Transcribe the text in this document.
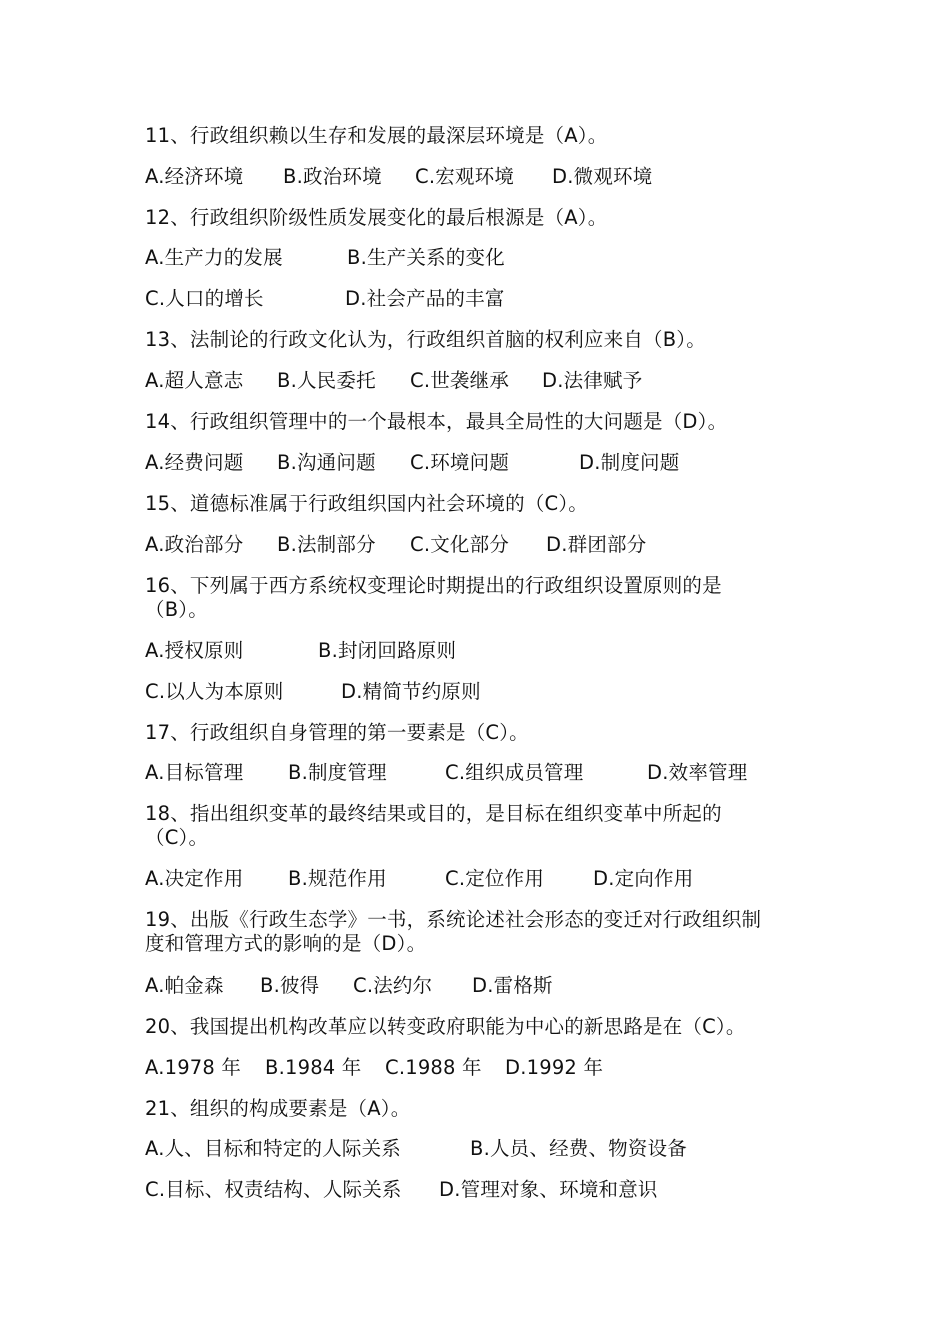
11、行政组织赖以生存和发展的最深层环境是（A）。
A.经济环境 B.政治环境 C.宏观环境 D.微观环境
12、行政组织阶级性质发展变化的最后根源是（A）。
A.生产力的发展	B.生产关系的变化
C.人口的增长	D.社会产品的丰富
13、法制论的行政文化认为，行政组织首脑的权利应来自（B）。
A.超人意志 B.人民委托 C.世袭继承 D.法律赋予
14、行政组织管理中的一个最根本，最具全局性的大问题是（D）。
A.经费问题 B.沟通问题 C.环境问题	D.制度问题
15、道德标准属于行政组织国内社会环境的（C）。
A.政治部分 B.法制部分 C.文化部分 D.群团部分
16、下列属于西方系统权变理论时期提出的行政组织设置原则的是
（B）。
A.授权原则	B.封闭回路原则
C.以人为本原则	D.精简节约原则
17、行政组织自身管理的第一要素是（C）。
A.目标管理 B.制度管理	C.组织成员管理	D.效率管理
18、指出组织变革的最终结果或目的，是目标在组织变革中所起的
（C）。
A.决定作用 B.规范作用	C.定位作用	D.定向作用
19、出版《行政生态学》一书，系统论述社会形态的变迁对行政组织制
度和管理方式的影响的是（D）。
A.帕金森 B.彼得 C.法约尔 D.雷格斯
20、我国提出机构改革应以转变政府职能为中心的新思路是在（C）。
A.1978 年 B.1984 年 C.1988 年 D.1992 年
21、组织的构成要素是（A）。
A.人、目标和特定的人际关系	B.人员、经费、物资设备
C.目标、权责结构、人际关系 D.管理对象、环境和意识
